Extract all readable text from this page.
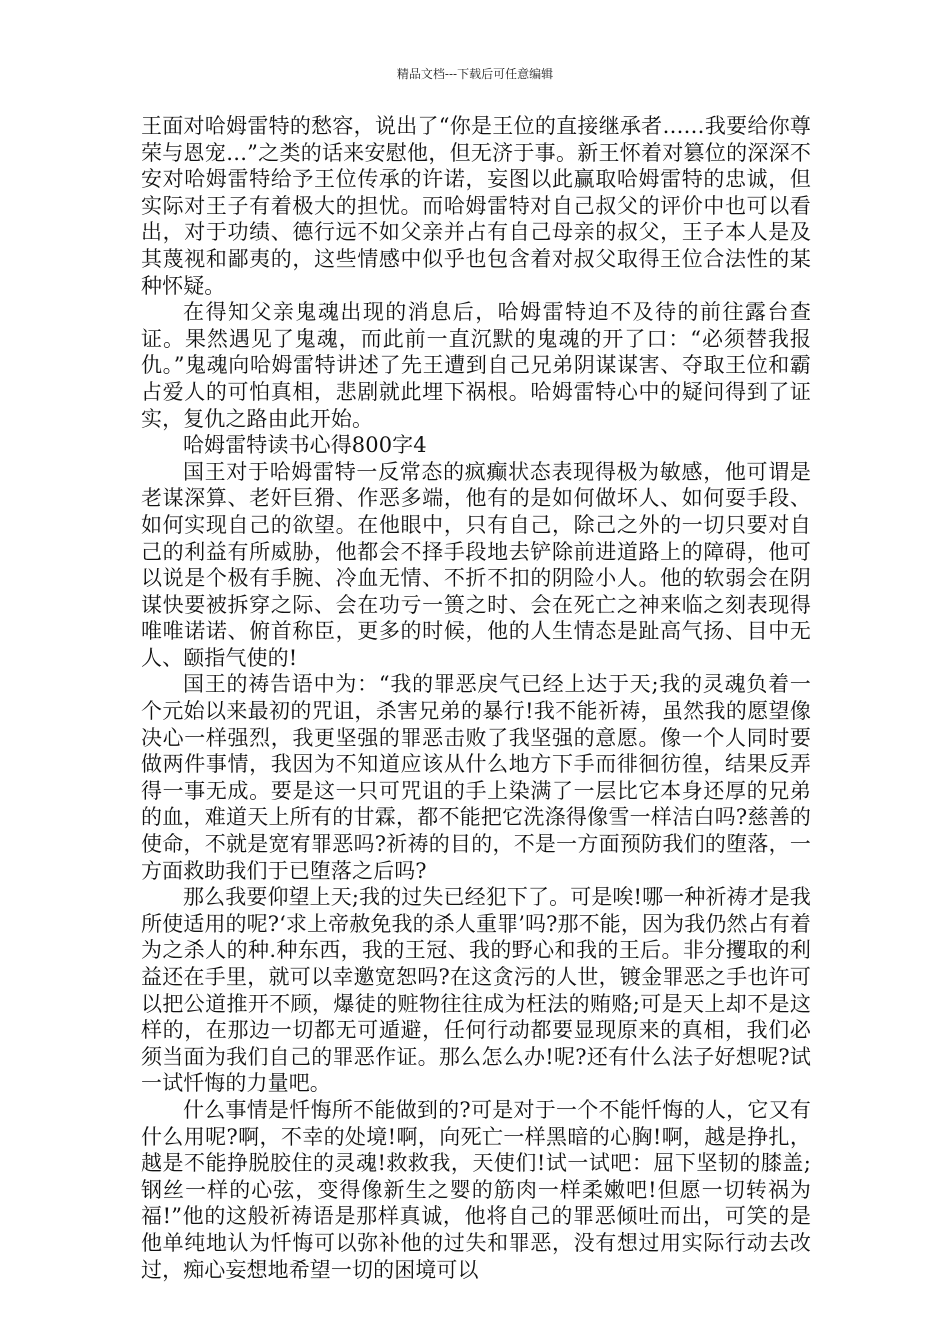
精品文档---下载后可任意编辑

王面对哈姆雷特的愁容，说出了“你是王位的直接继承者……我要给你尊荣与恩宠…”之类的话来安慰他，但无济于事。新王怀着对篡位的深深不安对哈姆雷特给予王位传承的许诺，妄图以此赢取哈姆雷特的忠诚，但实际对王子有着极大的担忧。而哈姆雷特对自己叔父的评价中也可以看出，对于功绩、德行远不如父亲并占有自己母亲的叔父，王子本人是及其蔑视和鄙夷的，这些情感中似乎也包含着对叔父取得王位合法性的某种怀疑。

在得知父亲鬼魂出现的消息后，哈姆雷特迫不及待的前往露台查证。果然遇见了鬼魂，而此前一直沉默的鬼魂的开了口：“必须替我报仇。”鬼魂向哈姆雷特讲述了先王遭到自己兄弟阴谋谋害、夺取王位和霸占爱人的可怕真相，悲剧就此埋下祸根。哈姆雷特心中的疑问得到了证实，复仇之路由此开始。

哈姆雷特读书心得800字4

国王对于哈姆雷特一反常态的疯癫状态表现得极为敏感，他可谓是老谋深算、老奸巨猾、作恶多端，他有的是如何做坏人、如何耍手段、如何实现自己的欲望。在他眼中，只有自己，除己之外的一切只要对自己的利益有所威胁，他都会不择手段地去铲除前进道路上的障碍，他可以说是个极有手腕、冷血无情、不折不扣的阴险小人。他的软弱会在阴谋快要被拆穿之际、会在功亏一篑之时、会在死亡之神来临之刻表现得唯唯诺诺、俯首称臣，更多的时候，他的人生情态是趾高气扬、目中无人、颐指气使的!

国王的祷告语中为：“我的罪恶戾气已经上达于天;我的灵魂负着一个元始以来最初的咒诅，杀害兄弟的暴行!我不能祈祷，虽然我的愿望像决心一样强烈，我更坚强的罪恶击败了我坚强的意愿。像一个人同时要做两件事情，我因为不知道应该从什么地方下手而徘徊彷徨，结果反弄得一事无成。要是这一只可咒诅的手上染满了一层比它本身还厚的兄弟的血，难道天上所有的甘霖，都不能把它洗涤得像雪一样洁白吗?慈善的使命，不就是宽宥罪恶吗?祈祷的目的，不是一方面预防我们的堕落，一方面救助我们于已堕落之后吗?

那么我要仰望上天;我的过失已经犯下了。可是唉!哪一种祈祷才是我所使适用的呢?‘求上帝赦免我的杀人重罪’吗?那不能，因为我仍然占有着为之杀人的种.种东西，我的王冠、我的野心和我的王后。非分攫取的利益还在手里，就可以幸邀宽恕吗?在这贪污的人世，镀金罪恶之手也许可以把公道推开不顾，爆徒的赃物往往成为枉法的贿赂;可是天上却不是这样的，在那边一切都无可遁避，任何行动都要显现原来的真相，我们必须当面为我们自己的罪恶作证。那么怎么办!呢?还有什么法子好想呢?试一试忏悔的力量吧。

什么事情是忏悔所不能做到的?可是对于一个不能忏悔的人，它又有什么用呢?啊，不幸的处境!啊，向死亡一样黑暗的心胸!啊，越是挣扎，越是不能挣脱胶住的灵魂!救救我，天使们!试一试吧：屈下坚韧的膝盖;钢丝一样的心弦，变得像新生之婴的筋肉一样柔嫩吧!但愿一切转祸为福!”他的这般祈祷语是那样真诚，他将自己的罪恶倾吐而出，可笑的是他单纯地认为忏悔可以弥补他的过失和罪恶，没有想过用实际行动去改过，痴心妄想地希望一切的困境可以
